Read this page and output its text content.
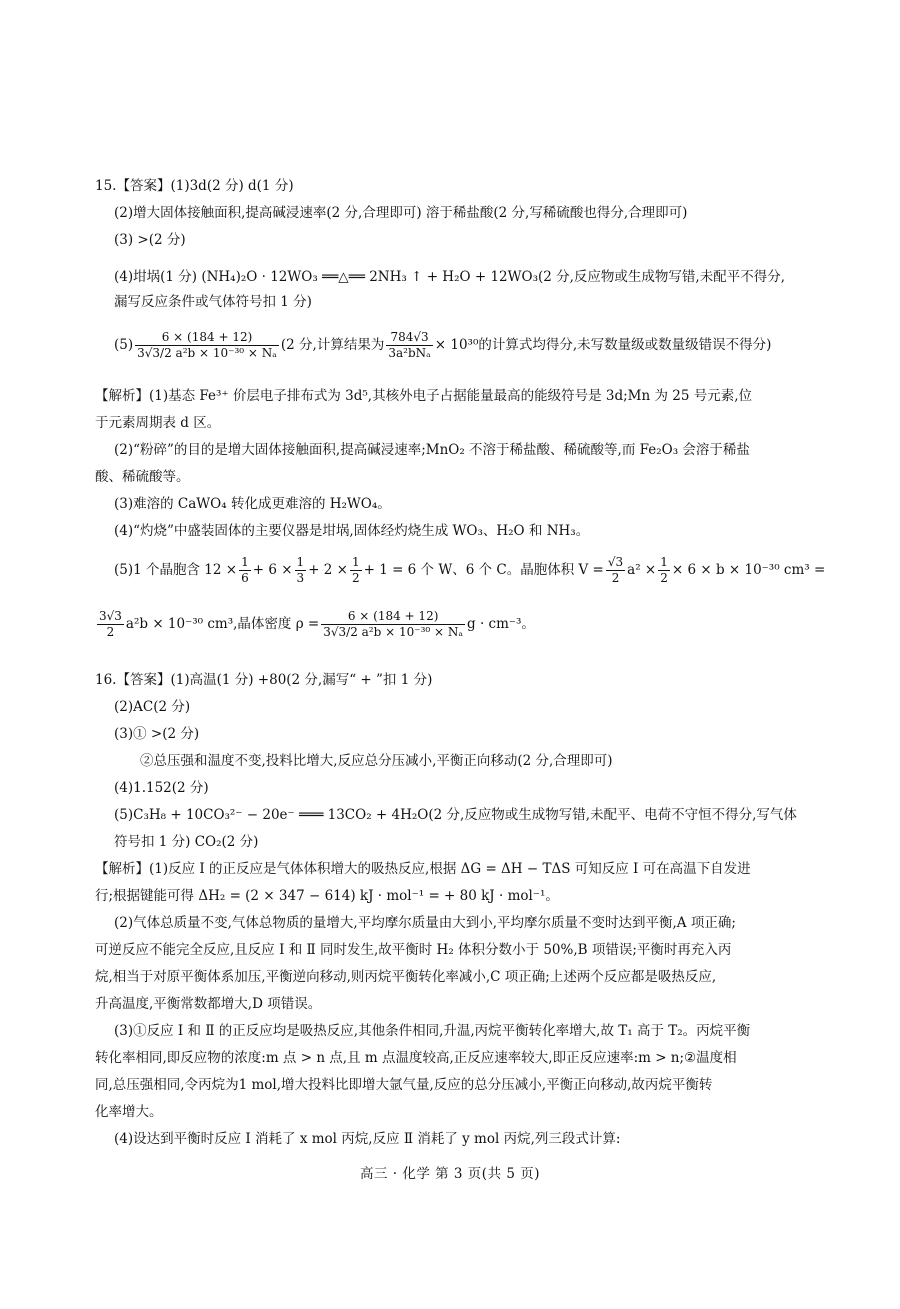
15.【答案】(1)3d(2 分) d(1 分)
(2)增大固体接触面积,提高碱浸速率(2 分,合理即可) 溶于稀盐酸(2 分,写稀硫酸也得分,合理即可)
(3) >(2 分)
(4)坩埚(1 分) (NH₄)₂O · 12WO₃ ══△══ 2NH₃ ↑ + H₂O + 12WO₃(2 分,反应物或生成物写错,未配平不得分,
漏写反应条件或气体符号扣 1 分)
$(5) \frac{6 \times (184 + 12)}{\text{3√3/2 a²b × 10⁻³⁰ × Nₐ}} (2$ 分,计算结果为 $\frac{784√3}{\text{3a²bNₐ}} \times 10^{30}$的计算式均得分,未写数量级或数量级错误不得分)
【解析】(1)基态 Fe³⁺ 价层电子排布式为 3d⁵,其核外电子占据能量最高的能级符号是 3d;Mn 为 25 号元素,位
于元素周期表 d 区。
(2)“粉碎”的目的是增大固体接触面积,提高碱浸速率;MnO₂ 不溶于稀盐酸、稀硫酸等,而 Fe₂O₃ 会溶于稀盐
酸、稀硫酸等。
(3)难溶的 CaWO₄ 转化成更难溶的 H₂WO₄。
(4)“灼烧”中盛装固体的主要仪器是坩埚,固体经灼烧生成 WO₃、H₂O 和 NH₃。
(5)1 个晶胞含 $12 \times \frac{1}{6} + 6 \times \frac{1}{3} + 2 \times \frac{1}{2} + 1 = 6$ 个 W、6 个 C。晶胞体积 $V = \frac{√3}{2} a^2 \times \frac{1}{2} \times 6 \times b \times 10^{-30}$ cm³ =
$\frac{3√3}{2} a^2b \times 10^{-30}$ cm³,晶体密度 $\rho = \frac{6 \times (184 + 12)}{\text{3√3/2 a²b × 10⁻³⁰ × Nₐ}}$ g · cm⁻³。
16.【答案】(1)高温(1 分) +80(2 分,漏写“ + ”扣 1 分)
(2)AC(2 分)
(3)① >(2 分)
②总压强和温度不变,投料比增大,反应总分压减小,平衡正向移动(2 分,合理即可)
(4)1.152(2 分)
(5)C₃H₈ + 10CO₃²⁻ − 20e⁻ ═══ 13CO₂ + 4H₂O(2 分,反应物或生成物写错,未配平、电荷不守恒不得分,写气体
符号扣 1 分) CO₂(2 分)
【解析】(1)反应 Ⅰ 的正反应是气体体积增大的吸热反应,根据 ΔG = ΔH − TΔS 可知反应 Ⅰ 可在高温下自发进
行;根据键能可得 ΔH₂ = (2 × 347 − 614) kJ · mol⁻¹ = + 80 kJ · mol⁻¹。
(2)气体总质量不变,气体总物质的量增大,平均摩尔质量由大到小,平均摩尔质量不变时达到平衡,A 项正确;
可逆反应不能完全反应,且反应 Ⅰ 和 Ⅱ 同时发生,故平衡时 H₂ 体积分数小于 50%,B 项错误;平衡时再充入丙
烷,相当于对原平衡体系加压,平衡逆向移动,则丙烷平衡转化率减小,C 项正确;上述两个反应都是吸热反应,
升高温度,平衡常数都增大,D 项错误。
(3)①反应 Ⅰ 和 Ⅱ 的正反应均是吸热反应,其他条件相同,升温,丙烷平衡转化率增大,故 T₁ 高于 T₂。丙烷平衡
转化率相同,即反应物的浓度:m 点 > n 点,且 m 点温度较高,正反应速率较大,即正反应速率:m > n;②温度相
同,总压强相同,令丙烷为1 mol,增大投料比即增大氩气量,反应的总分压减小,平衡正向移动,故丙烷平衡转
化率增大。
(4)设达到平衡时反应 Ⅰ 消耗了 x mol 丙烷,反应 Ⅱ 消耗了 y mol 丙烷,列三段式计算:
高三 · 化学 第 3 页(共 5 页)
